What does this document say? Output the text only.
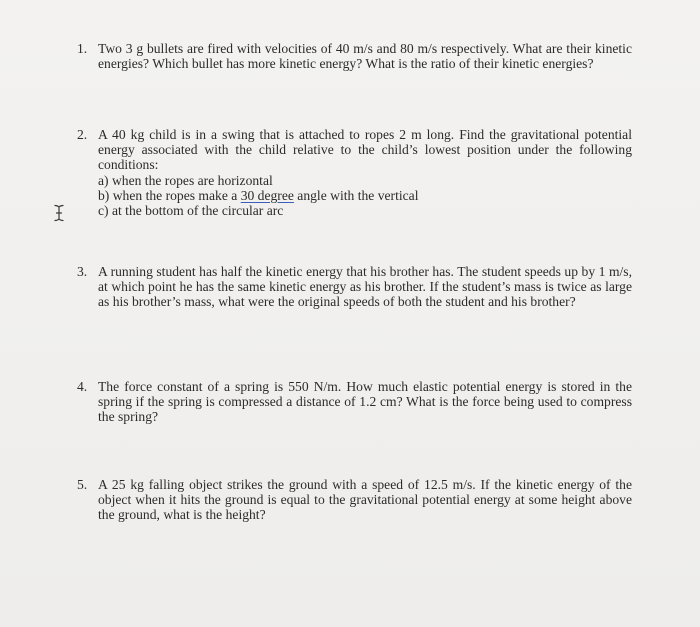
1. Two 3 g bullets are fired with velocities of 40 m/s and 80 m/s respectively. What are their kinetic energies? Which bullet has more kinetic energy? What is the ratio of their kinetic energies?
2. A 40 kg child is in a swing that is attached to ropes 2 m long. Find the gravitational potential energy associated with the child relative to the child’s lowest position under the following conditions:
a) when the ropes are horizontal
b) when the ropes make a 30 degree angle with the vertical
c) at the bottom of the circular arc
3. A running student has half the kinetic energy that his brother has. The student speeds up by 1 m/s, at which point he has the same kinetic energy as his brother. If the student’s mass is twice as large as his brother’s mass, what were the original speeds of both the student and his brother?
4. The force constant of a spring is 550 N/m. How much elastic potential energy is stored in the spring if the spring is compressed a distance of 1.2 cm? What is the force being used to compress the spring?
5. A 25 kg falling object strikes the ground with a speed of 12.5 m/s. If the kinetic energy of the object when it hits the ground is equal to the gravitational potential energy at some height above the ground, what is the height?
